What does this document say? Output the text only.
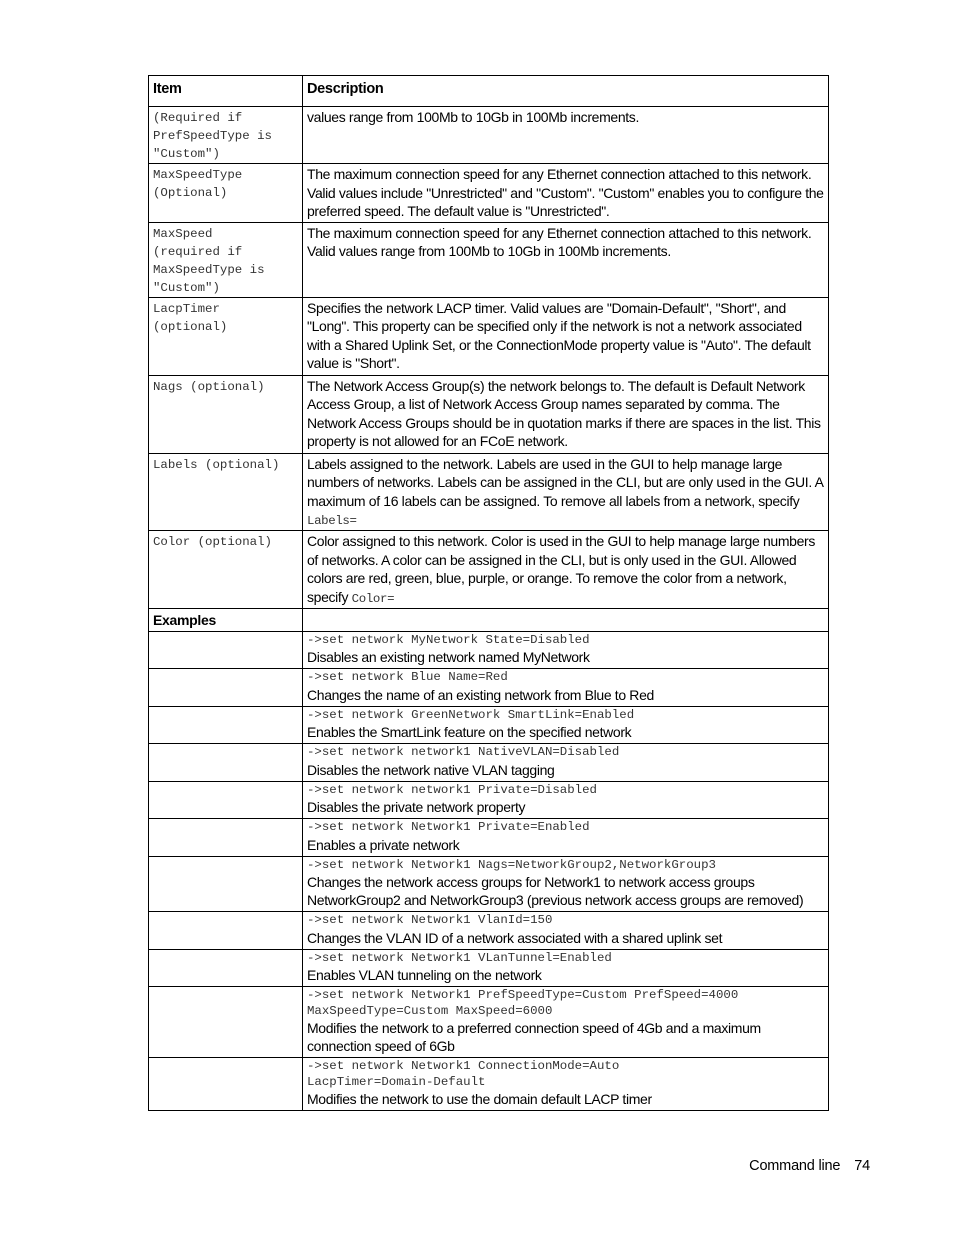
Item	Description
(Required if
PrefSpeedType is
"Custom")	values range from 100Mb to 10Gb in 100Mb increments.
MaxSpeedType
(Optional)	The maximum connection speed for any Ethernet connection attached to this network. Valid values include "Unrestricted" and "Custom". "Custom" enables you to configure the preferred speed. The default value is "Unrestricted".
MaxSpeed
(required if
MaxSpeedType is
"Custom")	The maximum connection speed for any Ethernet connection attached to this network. Valid values range from 100Mb to 10Gb in 100Mb increments.
LacpTimer
(optional)	Specifies the network LACP timer. Valid values are "Domain-Default", "Short", and "Long". This property can be specified only if the network is not a network associated with a Shared Uplink Set, or the ConnectionMode property value is "Auto". The default value is "Short".
Nags (optional)	The Network Access Group(s) the network belongs to. The default is Default Network Access Group, a list of Network Access Group names separated by comma. The Network Access Groups should be in quotation marks if there are spaces in the list. This property is not allowed for an FCoE network.
Labels (optional)	Labels assigned to the network. Labels are used in the GUI to help manage large numbers of networks. Labels can be assigned in the CLI, but are only used in the GUI. A maximum of 16 labels can be assigned. To remove all labels from a network, specify
Labels=
Color (optional)	Color assigned to this network. Color is used in the GUI to help manage large numbers of networks. A color can be assigned in the CLI, but is only used in the GUI. Allowed colors are red, green, blue, purple, or orange. To remove the color from a network, specify Color=
Examples	

	->set network MyNetwork State=Disabled
Disables an existing network named MyNetwork

	->set network Blue Name=Red
Changes the name of an existing network from Blue to Red

	->set network GreenNetwork SmartLink=Enabled
Enables the SmartLink feature on the specified network

	->set network network1 NativeVLAN=Disabled
Disables the network native VLAN tagging

	->set network network1 Private=Disabled
Disables the private network property

	->set network Network1 Private=Enabled
Enables a private network

	->set network Network1 Nags=NetworkGroup2,NetworkGroup3
Changes the network access groups for Network1 to network access groups NetworkGroup2 and NetworkGroup3 (previous network access groups are removed)

	->set network Network1 VlanId=150
Changes the VLAN ID of a network associated with a shared uplink set

	->set network Network1 VLanTunnel=Enabled
Enables VLAN tunneling on the network

	->set network Network1 PrefSpeedType=Custom PrefSpeed=4000
MaxSpeedType=Custom MaxSpeed=6000
Modifies the network to a preferred connection speed of 4Gb and a maximum connection speed of 6Gb

	->set network Network1 ConnectionMode=Auto
LacpTimer=Domain-Default
Modifies the network to use the domain default LACP timer
Command line 74
